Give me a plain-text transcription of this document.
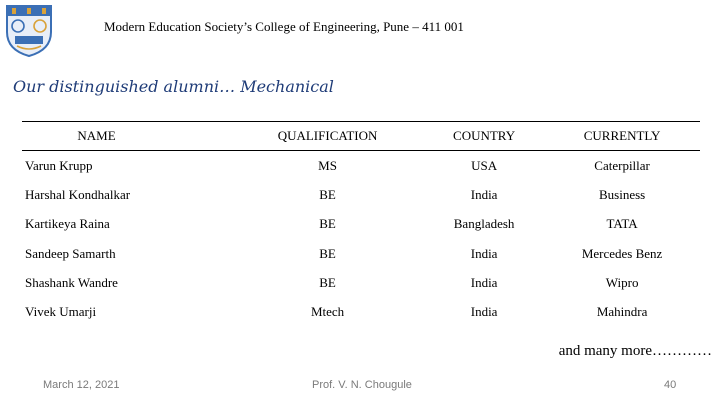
Modern Education Society’s College of Engineering, Pune – 411 001
Our distinguished alumni… Mechanical
NAME	QUALIFICATION	COUNTRY	CURRENTLY
Varun Krupp	MS	USA	Caterpillar
Harshal Kondhalkar	BE	India	Business
Kartikeya Raina	BE	Bangladesh	TATA
Sandeep Samarth	BE	India	Mercedes Benz
Shashank Wandre	BE	India	Wipro
Vivek Umarji	Mtech	India	Mahindra
and many more…………
March 12, 2021	Prof. V. N. Chougule	40
